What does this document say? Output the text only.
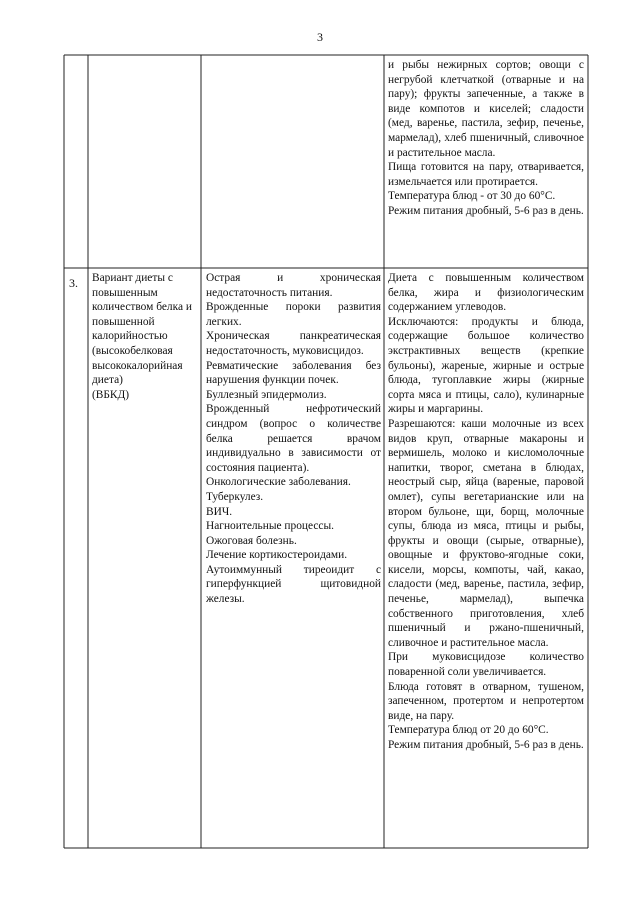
3

и рыбы нежирных сортов; овощи с негрубой клетчаткой (отварные и на пару); фрукты запеченные, а также в виде компотов и киселей; сладости (мед, варенье, пастила, зефир, печенье, мармелад), хлеб пшеничный, сливочное и растительное масла.

Пища готовится на пару, отваривается, измельчается или протирается.

Температура блюд - от 30 до 60°С.

Режим питания дробный, 5-6 раз в день.

3.	Вариант диеты с повышенным количеством белка и повышенной калорийностью (высокобелковая высококалорийная диета)
(ВБКД)

Острая и хроническая недостаточность питания.

Врожденные пороки развития легких.

Хроническая панкреатическая недостаточность, муковисцидоз.

Ревматические заболевания без нарушения функции почек.

Буллезный эпидермолиз.

Врожденный нефротический синдром (вопрос о количестве белка решается врачом индивидуально в зависимости от состояния пациента).

Онкологические заболевания.

Туберкулез.

ВИЧ.

Нагноительные процессы.

Ожоговая болезнь.

Лечение кортикостероидами.

Аутоиммунный тиреоидит с гиперфункцией щитовидной железы.

Диета с повышенным количеством белка, жира и физиологическим содержанием углеводов.

Исключаются: продукты и блюда, содержащие большое количество экстрактивных веществ (крепкие бульоны), жареные, жирные и острые блюда, тугоплавкие жиры (жирные сорта мяса и птицы, сало), кулинарные жиры и маргарины.

Разрешаются: каши молочные из всех видов круп, отварные макароны и вермишель, молоко и кисломолочные напитки, творог, сметана в блюдах, неострый сыр, яйца (вареные, паровой омлет), супы вегетарианские или на втором бульоне, щи, борщ, молочные супы, блюда из мяса, птицы и рыбы, фрукты и овощи (сырые, отварные), овощные и фруктово-ягодные соки, кисели, морсы, компоты, чай, какао, сладости (мед, варенье, пастила, зефир, печенье, мармелад), выпечка собственного приготовления, хлеб пшеничный и ржано-пшеничный, сливочное и растительное масла.

При муковисцидозе количество поваренной соли увеличивается.

Блюда готовят в отварном, тушеном, запеченном, протертом и непротертом виде, на пару.

Температура блюд от 20 до 60°С.

Режим питания дробный, 5-6 раз в день.
